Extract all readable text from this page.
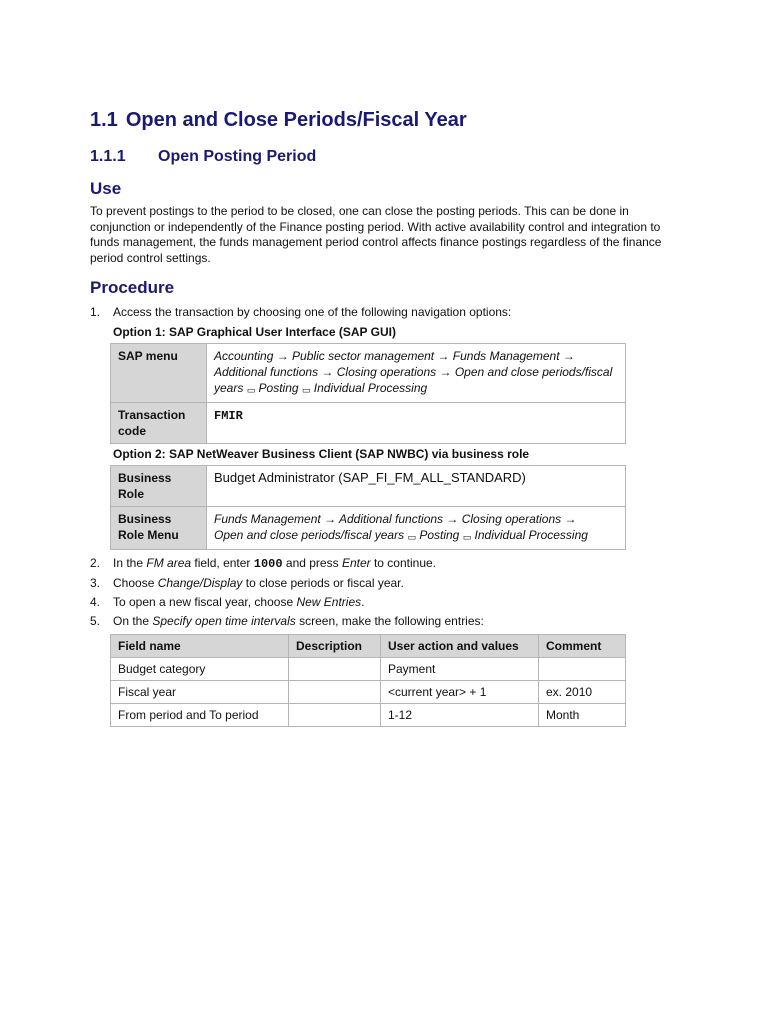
1.1 Open and Close Periods/Fiscal Year
1.1.1 Open Posting Period
Use

To prevent postings to the period to be closed, one can close the posting periods. This can be done in conjunction or independently of the Finance posting period. With active availability control and integration to funds management, the funds management period control affects finance postings regardless of the finance period control settings.

Procedure
1. Access the transaction by choosing one of the following navigation options:
Option 1: SAP Graphical User Interface (SAP GUI)
SAP menu	Accounting → Public sector management → Funds Management →
Additional functions → Closing operations → Open and close periods/fiscal years ▭ Posting ▭ Individual Processing
Transaction code	FMIR
Option 2: SAP NetWeaver Business Client (SAP NWBC) via business role
Business Role	Budget Administrator (SAP_FI_FM_ALL_STANDARD)
Business Role Menu	Funds Management → Additional functions → Closing operations →
Open and close periods/fiscal years ▭ Posting ▭ Individual Processing
2. In the FM area field, enter 1000 and press Enter to continue.
3. Choose Change/Display to close periods or fiscal year.
4. To open a new fiscal year, choose New Entries.
5. On the Specify open time intervals screen, make the following entries:
Field name	Description	User action and values	Comment
Budget category		Payment	
Fiscal year		<current year> + 1	ex. 2010
From period and To period		1-12	Month
